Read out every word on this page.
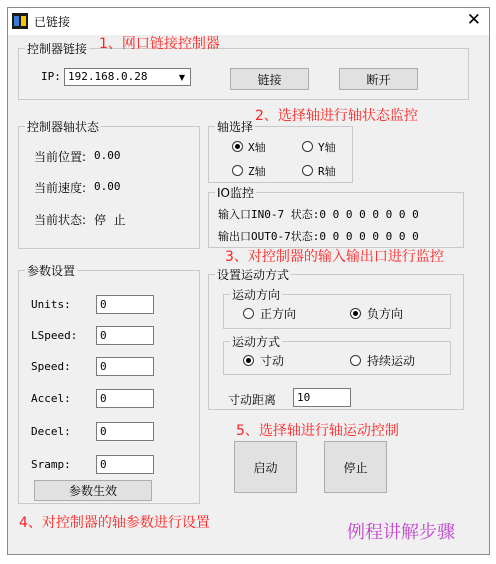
已链接	✕
控制器链接
IP: 192.168.0.28	▼	链接	断开
控制器轴状态
当前位置: 0.00
当前速度: 0.00
当前状态: 停  止
轴选择
X轴	Y轴
Z轴	R轴
IO监控
输入口IN0-7 状态:0 0 0 0 0 0 0 0
输出口OUT0-7状态:0 0 0 0 0 0 0 0
参数设置
Units:	0
LSpeed:	0
Speed:	0
Accel:	0
Decel:	0
Sramp:	0
参数生效
设置运动方式
运动方向
正方向	负方向
运动方式
寸动	持续运动
寸动距离	10
启动	停止
1、网口链接控制器
2、选择轴进行轴状态监控
3、对控制器的输入输出口进行监控
4、对控制器的轴参数进行设置
5、选择轴进行轴运动控制
例程讲解步骤
